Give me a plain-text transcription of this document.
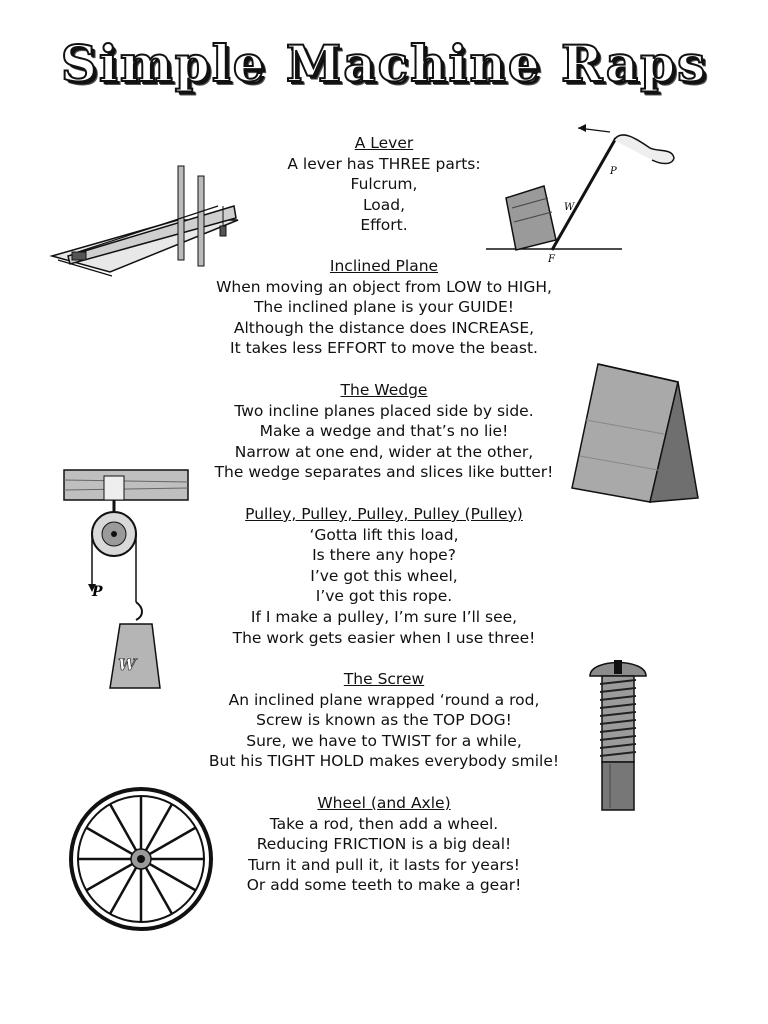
Simple Machine Raps
A Lever
A lever has THREE parts:
Fulcrum,
Load,
Effort.
Inclined Plane
When moving an object from LOW to HIGH,
The inclined plane is your GUIDE!
Although the distance does INCREASE,
It takes less EFFORT to move the beast.
The Wedge
Two incline planes placed side by side.
Make a wedge and that’s no lie!
Narrow at one end, wider at the other,
The wedge separates and slices like butter!
Pulley, Pulley, Pulley, Pulley (Pulley)
‘Gotta lift this load,
Is there any hope?
I’ve got this wheel,
I’ve got this rope.
If I make a pulley, I’m sure I’ll see,
The work gets easier when I use three!
The Screw
An inclined plane wrapped ‘round a rod,
Screw is known as the TOP DOG!
Sure, we have to TWIST for a while,
But his TIGHT HOLD makes everybody smile!
Wheel (and Axle)
Take a rod, then add a wheel.
Reducing FRICTION is a big deal!
Turn it and pull it, it lasts for years!
Or add some teeth to make a gear!
W
P
F
P
W
